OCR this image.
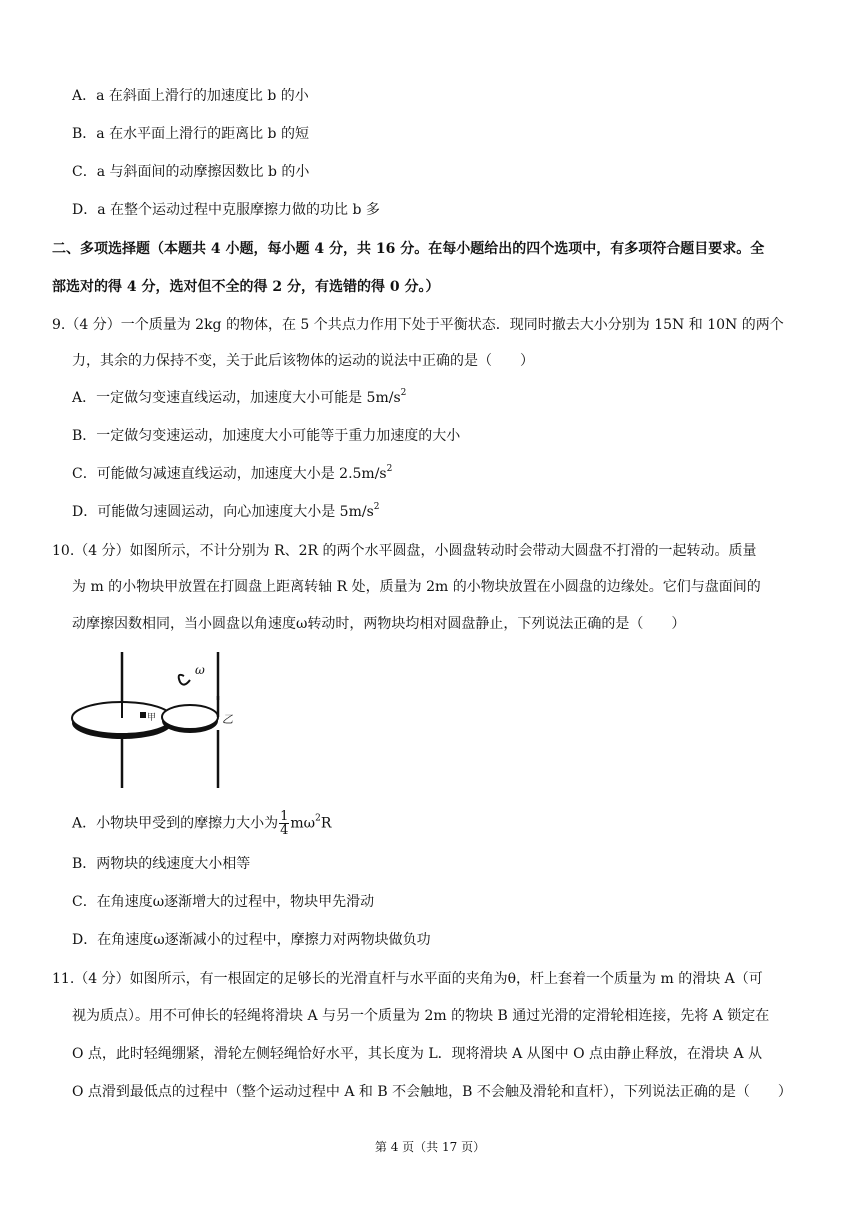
A．a 在斜面上滑行的加速度比 b 的小
B．a 在水平面上滑行的距离比 b 的短
C．a 与斜面间的动摩擦因数比 b 的小
D．a 在整个运动过程中克服摩擦力做的功比 b 多
二、多项选择题（本题共 4 小题，每小题 4 分，共 16 分。在每小题给出的四个选项中，有多项符合题目要求。全
部选对的得 4 分，选对但不全的得 2 分，有选错的得 0 分。）
9.（4 分）一个质量为 2kg 的物体，在 5 个共点力作用下处于平衡状态．现同时撤去大小分别为 15N 和 10N 的两个
力，其余的力保持不变，关于此后该物体的运动的说法中正确的是（　　）
A．一定做匀变速直线运动，加速度大小可能是 $5m/s^2$
B．一定做匀变速运动，加速度大小可能等于重力加速度的大小
C．可能做匀减速直线运动，加速度大小是 $2.5m/s^2$
D．可能做匀速圆运动，向心加速度大小是 $5m/s^2$
10.（4 分）如图所示，不计分别为 R、2R 的两个水平圆盘，小圆盘转动时会带动大圆盘不打滑的一起转动。质量
为 m 的小物块甲放置在打圆盘上距离转轴 R 处，质量为 2m 的小物块放置在小圆盘的边缘处。它们与盘面间的
动摩擦因数相同，当小圆盘以角速度ω转动时，两物块均相对圆盘静止，下列说法正确的是（　　）
ω
甲	乙
A．小物块甲受到的摩擦力大小为 $\frac{1}{4} m\omega^2R$
B．两物块的线速度大小相等
C．在角速度ω逐渐增大的过程中，物块甲先滑动
D．在角速度ω逐渐减小的过程中，摩擦力对两物块做负功
11.（4 分）如图所示，有一根固定的足够长的光滑直杆与水平面的夹角为θ，杆上套着一个质量为 m 的滑块 A（可
视为质点）。用不可伸长的轻绳将滑块 A 与另一个质量为 2m 的物块 B 通过光滑的定滑轮相连接，先将 A 锁定在
O 点，此时轻绳绷紧，滑轮左侧轻绳恰好水平，其长度为 L．现将滑块 A 从图中 O 点由静止释放，在滑块 A 从
O 点滑到最低点的过程中（整个运动过程中 A 和 B 不会触地，B 不会触及滑轮和直杆），下列说法正确的是（　　）
第 4 页（共 17 页）
